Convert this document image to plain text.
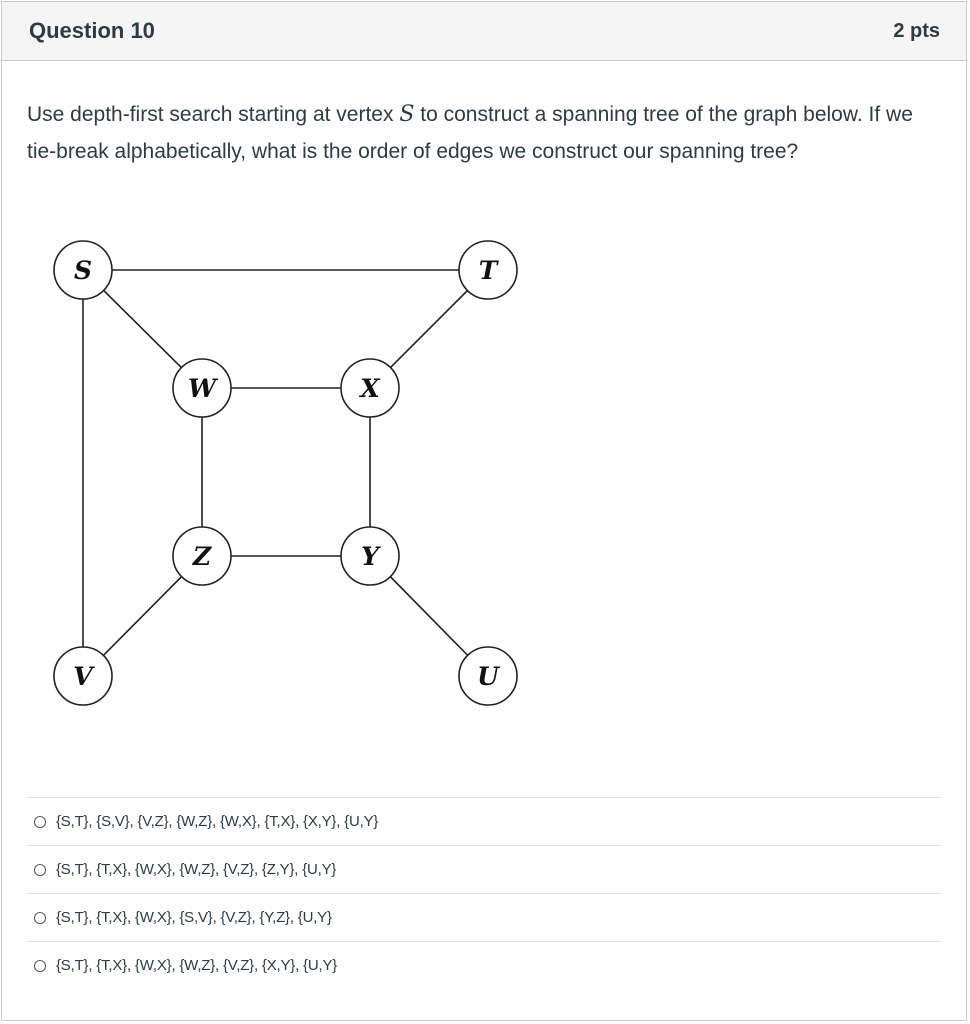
Question 10	2 pts
Use depth-first search starting at vertex S to construct a spanning tree of the graph below. If we tie-break alphabetically, what is the order of edges we construct our spanning tree?
S	T
W	X
Z	Y
V	U
{S,T}, {S,V}, {V,Z}, {W,Z}, {W,X}, {T,X}, {X,Y}, {U,Y}
{S,T}, {T,X}, {W,X}, {W,Z}, {V,Z}, {Z,Y}, {U,Y}
{S,T}, {T,X}, {W,X}, {S,V}, {V,Z}, {Y,Z}, {U,Y}
{S,T}, {T,X}, {W,X}, {W,Z}, {V,Z}, {X,Y}, {U,Y}
